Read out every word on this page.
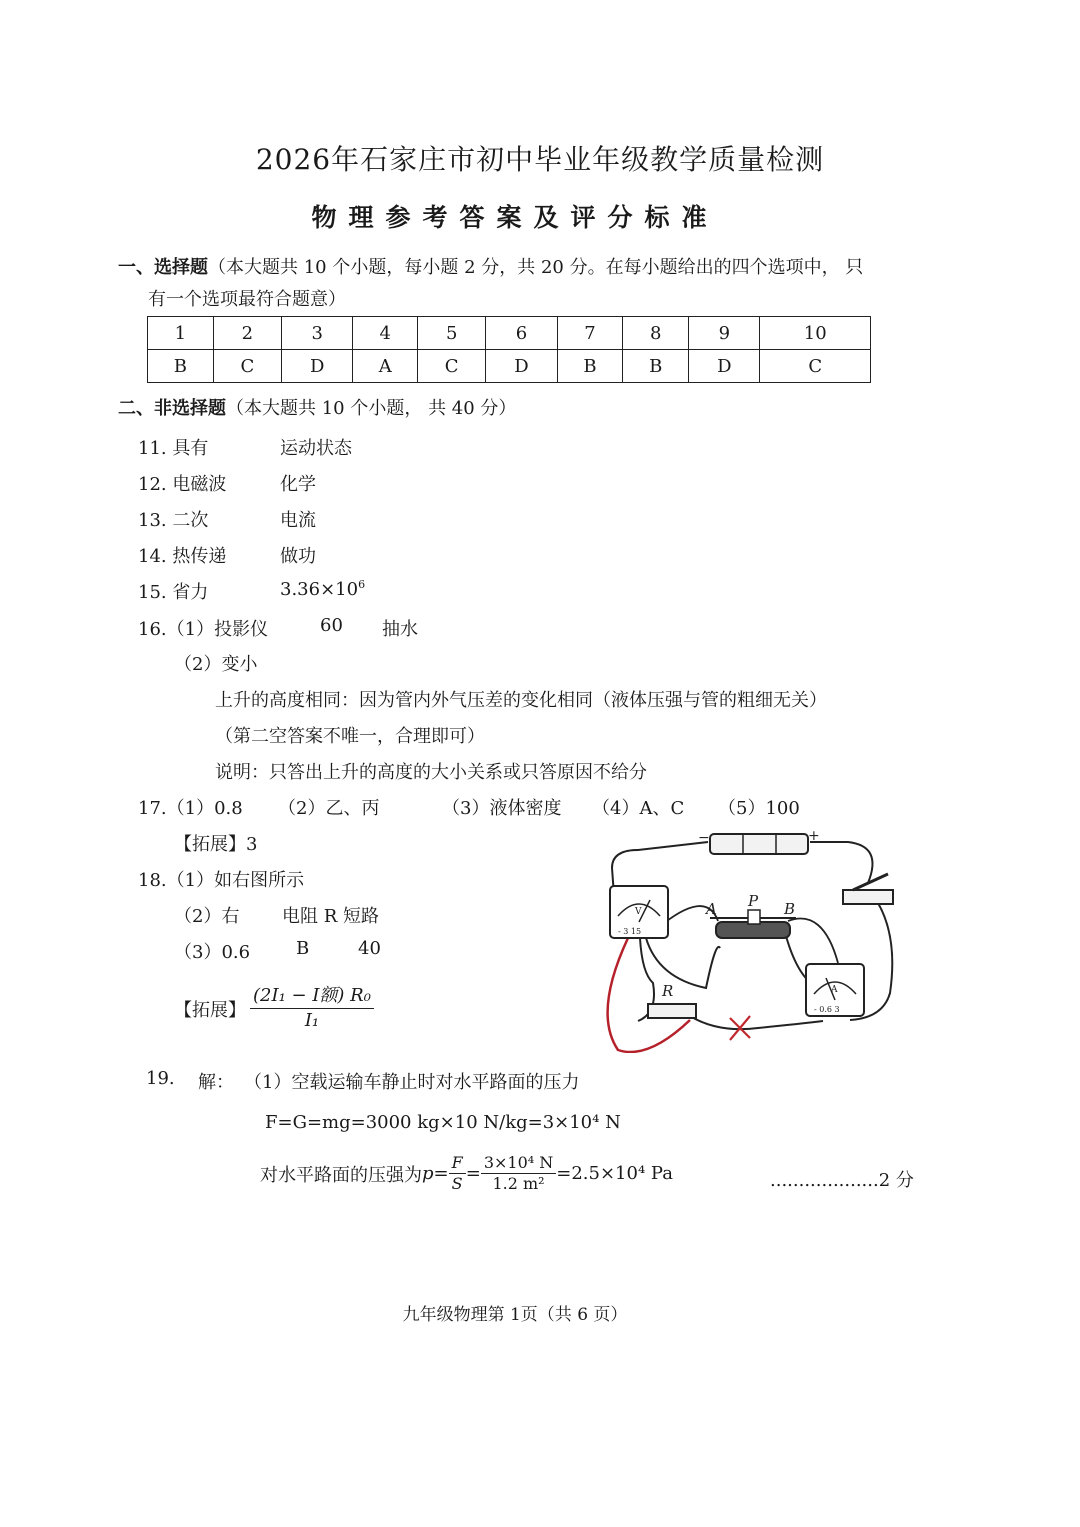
2026年石家庄市初中毕业年级教学质量检测
物理参考答案及评分标准
一、选择题（本大题共 10 个小题，每小题 2 分，共 20 分。在每小题给出的四个选项中， 只
有一个选项最符合题意）
1	2	3	4	5	6	7	8	9	10
B	C	D	A	C	D	B	B	D	C
二、非选择题（本大题共 10 个小题， 共 40 分）
11. 具有	运动状态
12. 电磁波	化学
13. 二次	电流
14. 热传递	做功
15. 省力	$3.36\times 10^6$
16.（1）投影仪	60 抽水
（2）变小
上升的高度相同：因为管内外气压差的变化相同（液体压强与管的粗细无关）
（第二空答案不唯一，合理即可）
说明：只答出上升的高度的大小关系或只答原因不给分
17.（1）0.8 （2）乙、丙	（3）液体密度 （4）A、C （5）100
【拓展】3
18.（1）如右图所示
（2）右 电阻 R 短路
（3）0.6	B	40
【拓展】 $\frac{\text{(2I₁ − I额) R₀}}{\text{I₁}}$
−	+
V
- 3 15
A
- 0.6 3
A P B
R
19. 解： （1）空载运输车静止时对水平路面的压力
F=G=mg=3000 kg×10 N/kg=3×10⁴ N
对水平路面的压强为 $p= \frac{F}{S} = \frac{\text{3×10⁴ N}}{\text{1.2 m²}} =2.5\times 10^4$ Pa	...................2 分
九年级物理第 1页（共 6 页）
